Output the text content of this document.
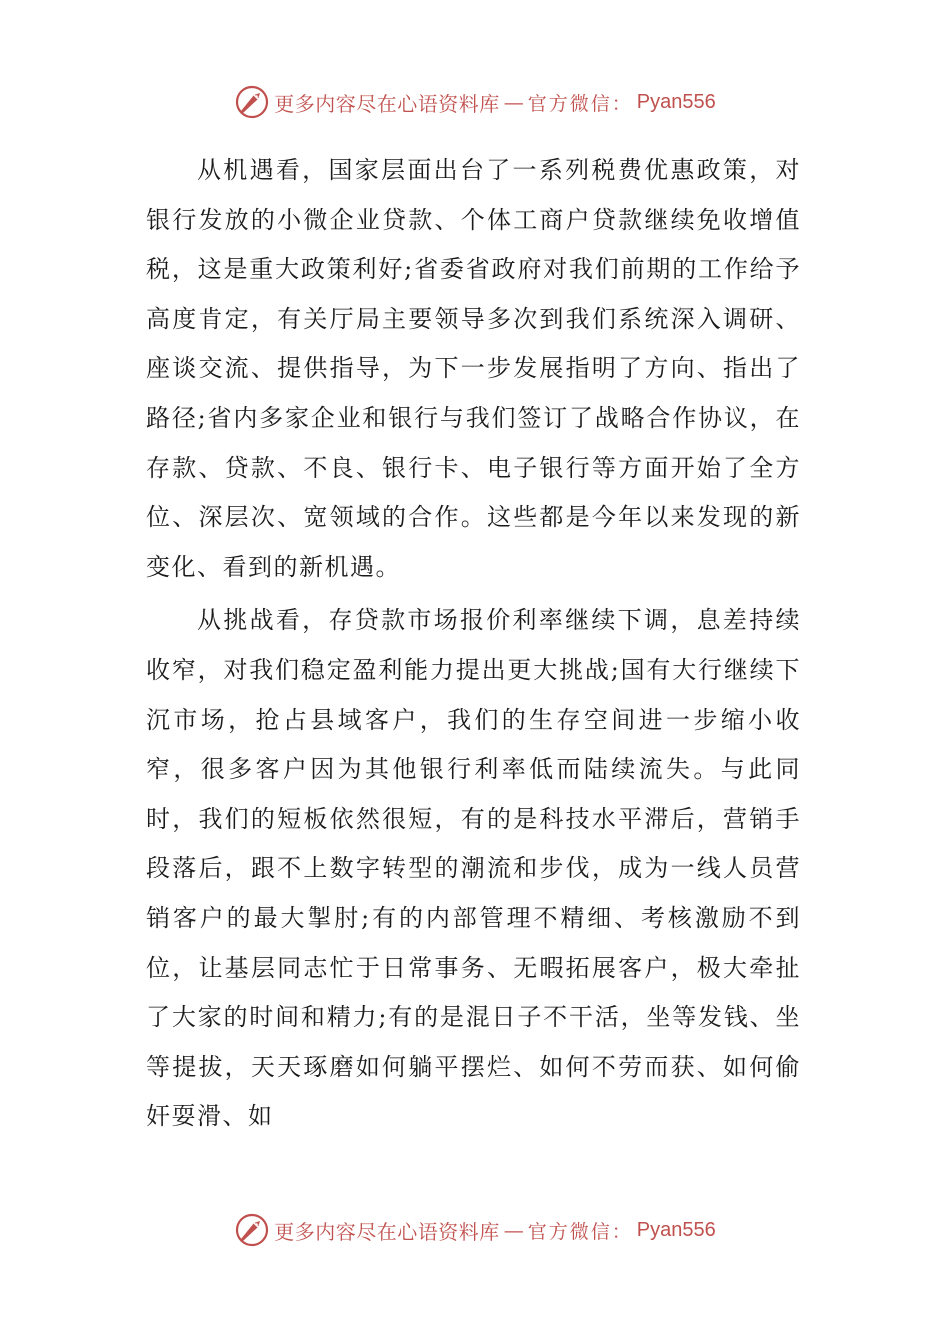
更多内容尽在心语资料库 — 官方微信： Pyan556

从机遇看，国家层面出台了一系列税费优惠政策，对银行发放的小微企业贷款、个体工商户贷款继续免收增值税，这是重大政策利好;省委省政府对我们前期的工作给予高度肯定，有关厅局主要领导多次到我们系统深入调研、座谈交流、提供指导，为下一步发展指明了方向、指出了路径;省内多家企业和银行与我们签订了战略合作协议，在存款、贷款、不良、银行卡、电子银行等方面开始了全方位、深层次、宽领域的合作。这些都是今年以来发现的新变化、看到的新机遇。

从挑战看，存贷款市场报价利率继续下调，息差持续收窄，对我们稳定盈利能力提出更大挑战;国有大行继续下沉市场，抢占县域客户，我们的生存空间进一步缩小收窄，很多客户因为其他银行利率低而陆续流失。与此同时，我们的短板依然很短，有的是科技水平滞后，营销手段落后，跟不上数字转型的潮流和步伐，成为一线人员营销客户的最大掣肘;有的内部管理不精细、考核激励不到位，让基层同志忙于日常事务、无暇拓展客户，极大牵扯了大家的时间和精力;有的是混日子不干活，坐等发钱、坐等提拔，天天琢磨如何躺平摆烂、如何不劳而获、如何偷奸耍滑、如

更多内容尽在心语资料库 — 官方微信： Pyan556
